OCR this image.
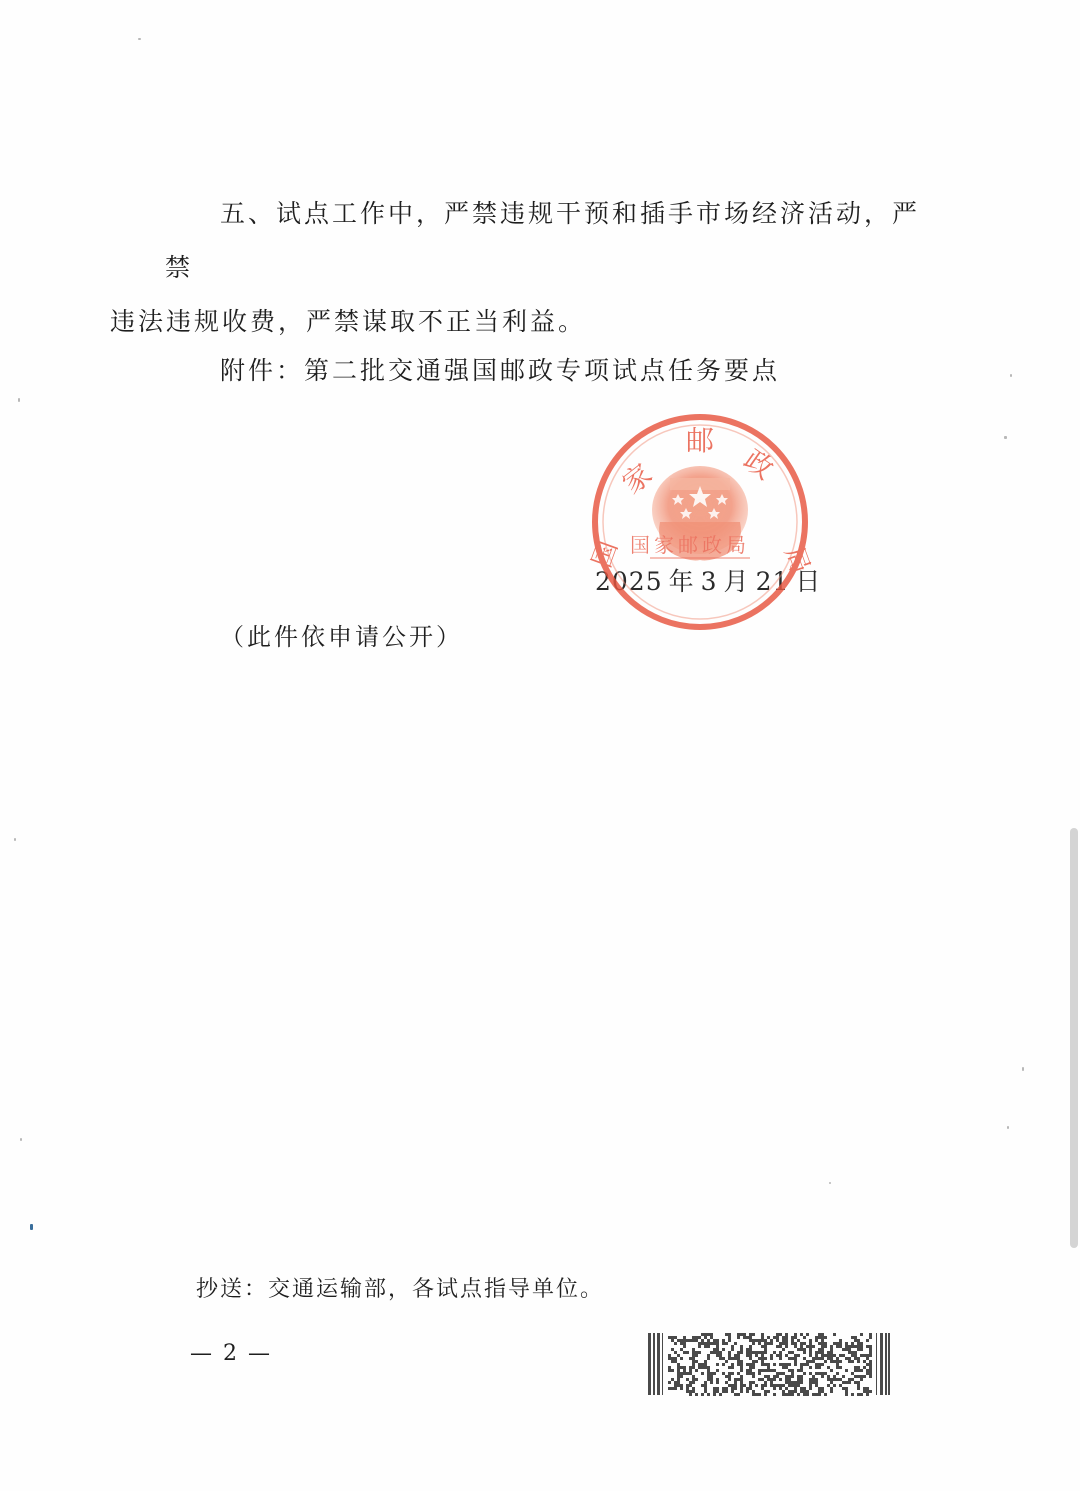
五、试点工作中，严禁违规干预和插手市场经济活动，严禁
违法违规收费，严禁谋取不正当利益。

附件：第二批交通强国邮政专项试点任务要点

2025 年 3 月 21 日
家
邮
政
国	局
国家邮政局

（此件依申请公开）

抄送：交通运输部，各试点指导单位。
— 2 —
